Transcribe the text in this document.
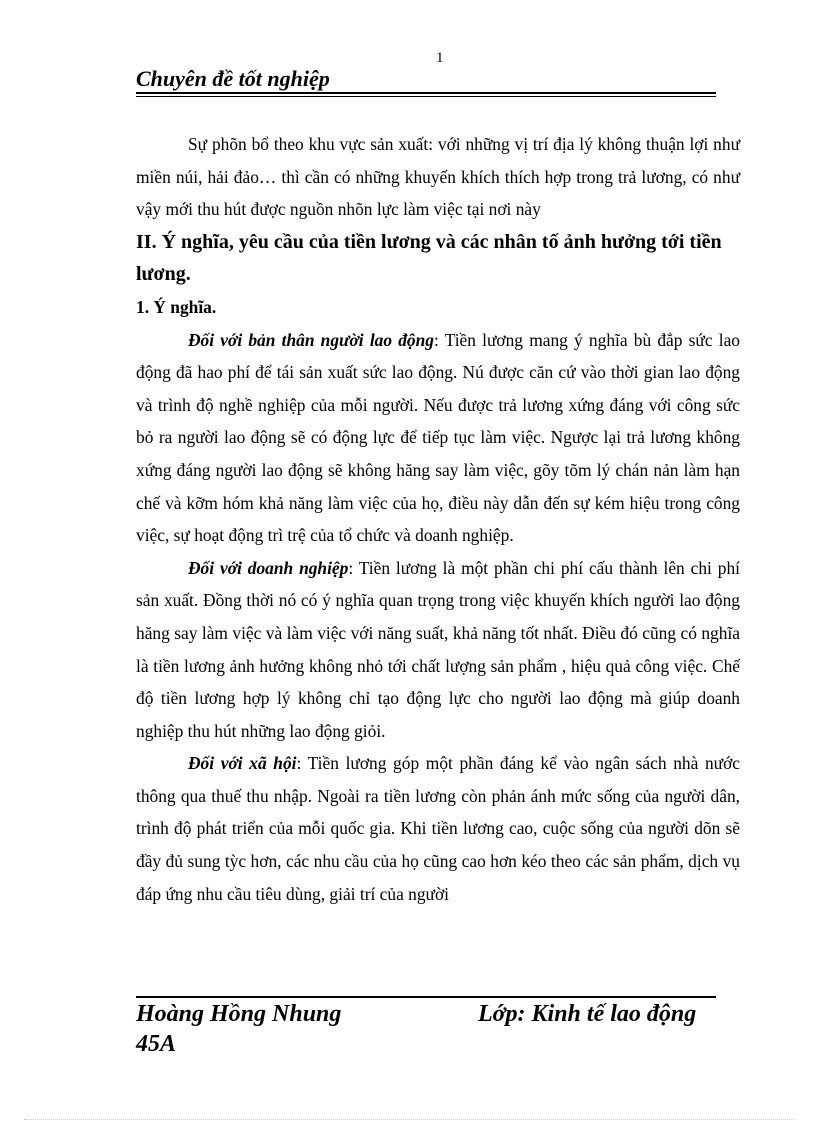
1
Chuyên đề tốt nghiệp

Sự phõn bổ theo khu vực sản xuất: với những vị trí địa lý không thuận lợi như miền núi, hải đảo… thì cần có những khuyến khích thích hợp trong trả lương, có như vậy mới thu hút được nguồn nhõn lực làm việc tại nơi này

II. Ý nghĩa, yêu cầu của tiền lương và các nhân tố ảnh hưởng tới tiền lương.

1. Ý nghĩa.

Đối với bản thân người lao động: Tiền lương mang ý nghĩa bù đắp sức lao động đã hao phí để tái sản xuất sức lao động. Nú được căn cứ vào thời gian lao động và trình độ nghề nghiệp của mỗi người. Nếu được trả lương xứng đáng với công sức bỏ ra người lao động sẽ có động lực để tiếp tục làm việc. Ngược lại trả lương không xứng đáng người lao động sẽ không hăng say làm việc, gõy tõm lý chán nản làm hạn chế và kỡm hóm khả năng làm việc của họ, điều này dẫn đến sự kém hiệu trong công việc, sự hoạt động trì trệ của tổ chức và doanh nghiệp.

Đối với doanh nghiệp: Tiền lương là một phần chi phí cấu thành lên chi phí sản xuất. Đồng thời nó có ý nghĩa quan trọng trong việc khuyến khích người lao động hăng say làm việc và làm việc với năng suất, khả năng tốt nhất. Điều đó cũng có nghĩa là tiền lương ảnh hưởng không nhỏ tới chất lượng sản phẩm , hiệu quả công việc. Chế độ tiền lương hợp lý không chỉ tạo động lực cho người lao động mà giúp doanh nghiệp thu hút những lao động giỏi.

Đối với xã hội: Tiền lương góp một phần đáng kể vào ngân sách nhà nước thông qua thuế thu nhập. Ngoài ra tiền lương còn phản ánh mức sống của người dân, trình độ phát triển của mỗi quốc gia. Khi tiền lương cao, cuộc sống của người dõn sẽ đầy đủ sung tỳc hơn, các nhu cầu của họ cũng cao hơn kéo theo các sản phẩm, dịch vụ đáp ứng nhu cầu tiêu dùng, giải trí của người

Hoàng Hồng Nhung
45A
Lớp: Kinh tế lao động
